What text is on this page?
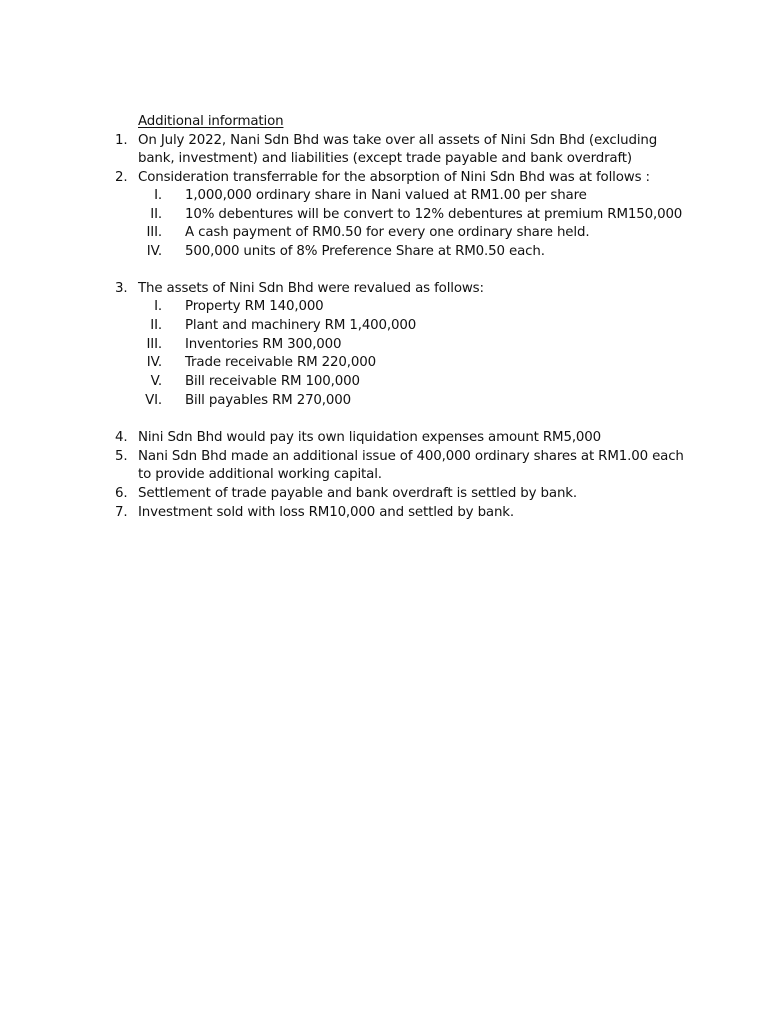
Additional information
1. On July 2022, Nani Sdn Bhd was take over all assets of Nini Sdn Bhd (excluding
bank, investment) and liabilities (except trade payable and bank overdraft)
2. Consideration transferrable for the absorption of Nini Sdn Bhd was at follows :
I. 1,000,000 ordinary share in Nani valued at RM1.00 per share
II. 10% debentures will be convert to 12% debentures at premium RM150,000
III. A cash payment of RM0.50 for every one ordinary share held.
IV. 500,000 units of 8% Preference Share at RM0.50 each.
3. The assets of Nini Sdn Bhd were revalued as follows:
I. Property RM 140,000
II. Plant and machinery RM 1,400,000
III. Inventories RM 300,000
IV. Trade receivable RM 220,000
V. Bill receivable RM 100,000
VI. Bill payables RM 270,000
4. Nini Sdn Bhd would pay its own liquidation expenses amount RM5,000
5. Nani Sdn Bhd made an additional issue of 400,000 ordinary shares at RM1.00 each
to provide additional working capital.
6. Settlement of trade payable and bank overdraft is settled by bank.
7. Investment sold with loss RM10,000 and settled by bank.
